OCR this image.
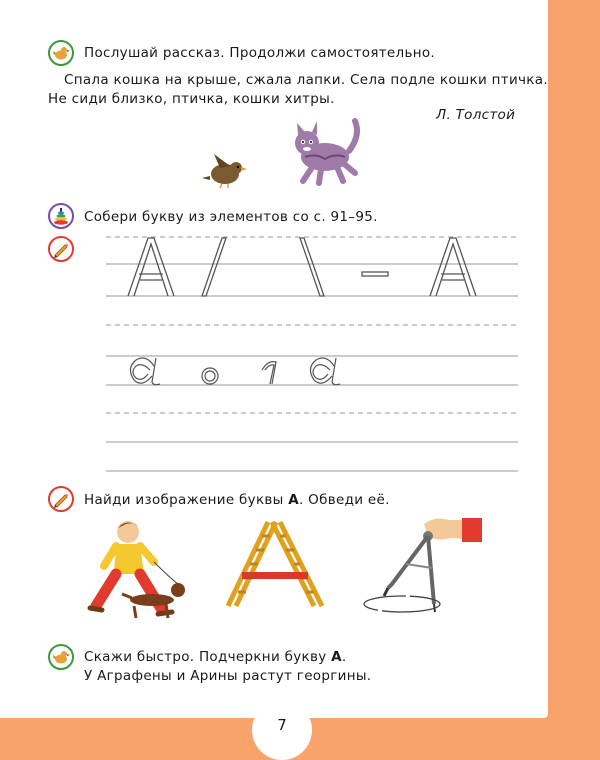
7
Послушай рассказ. Продолжи самостоятельно.
Спала кошка на крыше, сжала лапки. Села подле кошки птичка.
Не сиди близко, птичка, кошки хитры.
Л. Толстой
Собери букву из элементов со с. 91–95.
Найди изображение буквы А. Обведи её.
Скажи быстро. Подчеркни букву А.
У Аграфены и Арины растут георгины.
